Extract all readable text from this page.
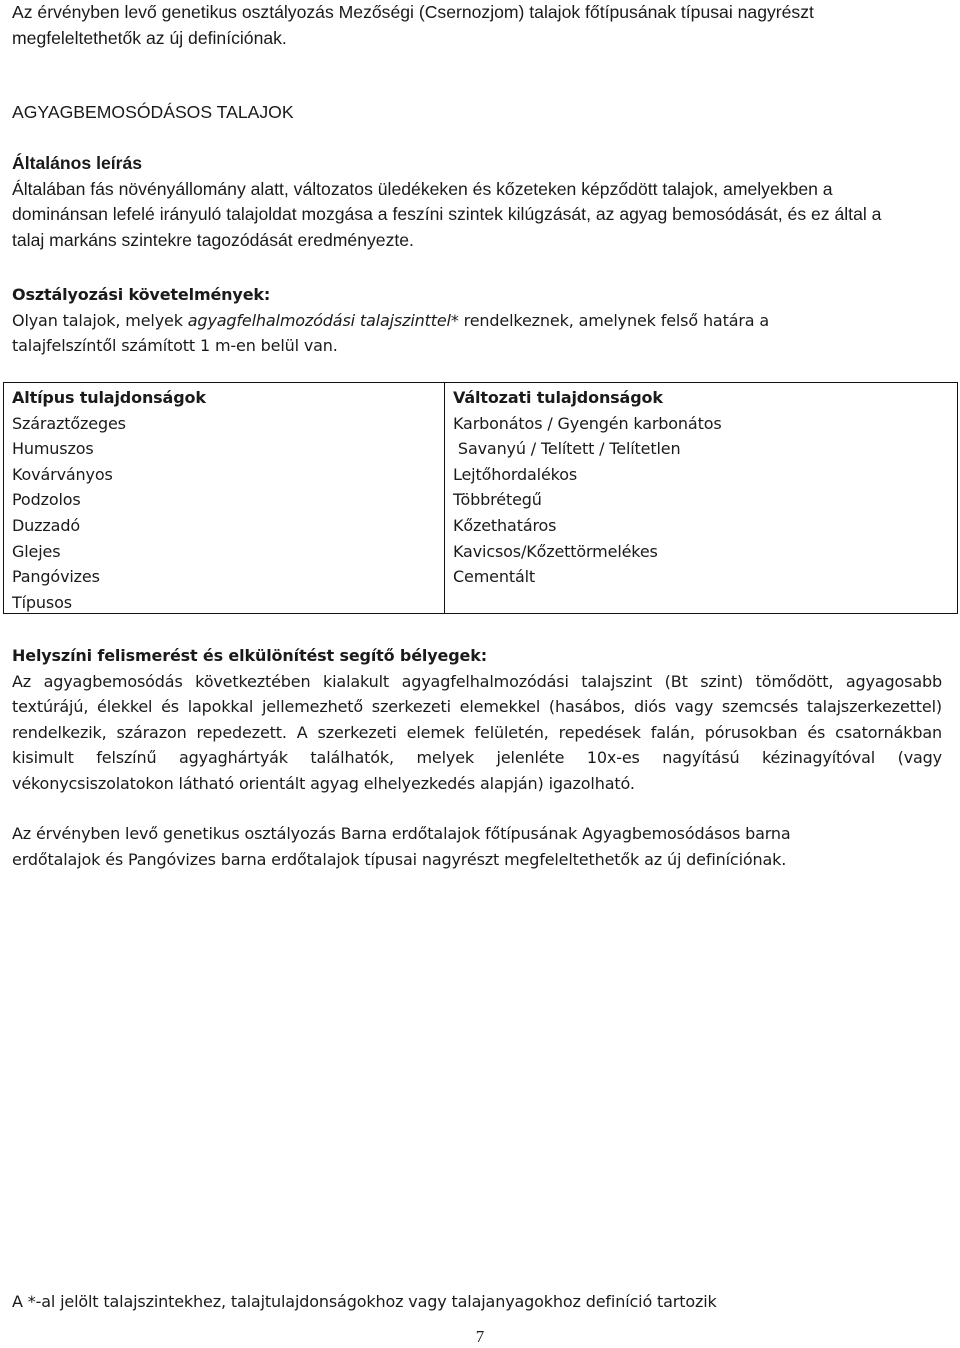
Az érvényben levő genetikus osztályozás Mezőségi (Csernozjom) talajok főtípusának típusai nagyrészt
megfeleltethetők az új definíciónak.
AGYAGBEMOSÓDÁSOS TALAJOK
Általános leírás
Általában fás növényállomány alatt, változatos üledékeken és kőzeteken képződött talajok, amelyekben a
dominánsan lefelé irányuló talajoldat mozgása a feszíni szintek kilúgzását, az agyag bemosódását, és ez által a
talaj markáns szintekre tagozódását eredményezte.
Osztályozási követelmények:
Olyan talajok, melyek agyagfelhalmozódási talajszinttel* rendelkeznek, amelynek felső határa a
talajfelszíntől számított 1 m-en belül van.
Altípus tulajdonságok
Száraztőzeges
Humuszos
Kovárványos
Podzolos
Duzzadó
Glejes
Pangóvizes
Típusos
Változati tulajdonságok
Karbonátos / Gyengén karbonátos
Savanyú / Telített / Telítetlen
Lejtőhordalékos
Többrétegű
Kőzethatáros
Kavicsos/Kőzettörmelékes
Cementált
Helyszíni felismerést és elkülönítést segítő bélyegek:
Az agyagbemosódás következtében kialakult agyagfelhalmozódási talajszint (Bt szint) tömődött, agyagosabb
textúrájú, élekkel és lapokkal jellemezhető szerkezeti elemekkel (hasábos, diós vagy szemcsés talajszerkezettel)
rendelkezik, szárazon repedezett. A szerkezeti elemek felületén, repedések falán, pórusokban és csatornákban
kisimult felszínű agyaghártyák találhatók, melyek jelenléte 10x-es nagyítású kézinagyítóval (vagy
vékonycsiszolatokon látható orientált agyag elhelyezkedés alapján) igazolható.
Az érvényben levő genetikus osztályozás Barna erdőtalajok főtípusának Agyagbemosódásos barna
erdőtalajok és Pangóvizes barna erdőtalajok típusai nagyrészt megfeleltethetők az új definíciónak.
A *-al jelölt talajszintekhez, talajtulajdonságokhoz vagy talajanyagokhoz definíció tartozik
7
